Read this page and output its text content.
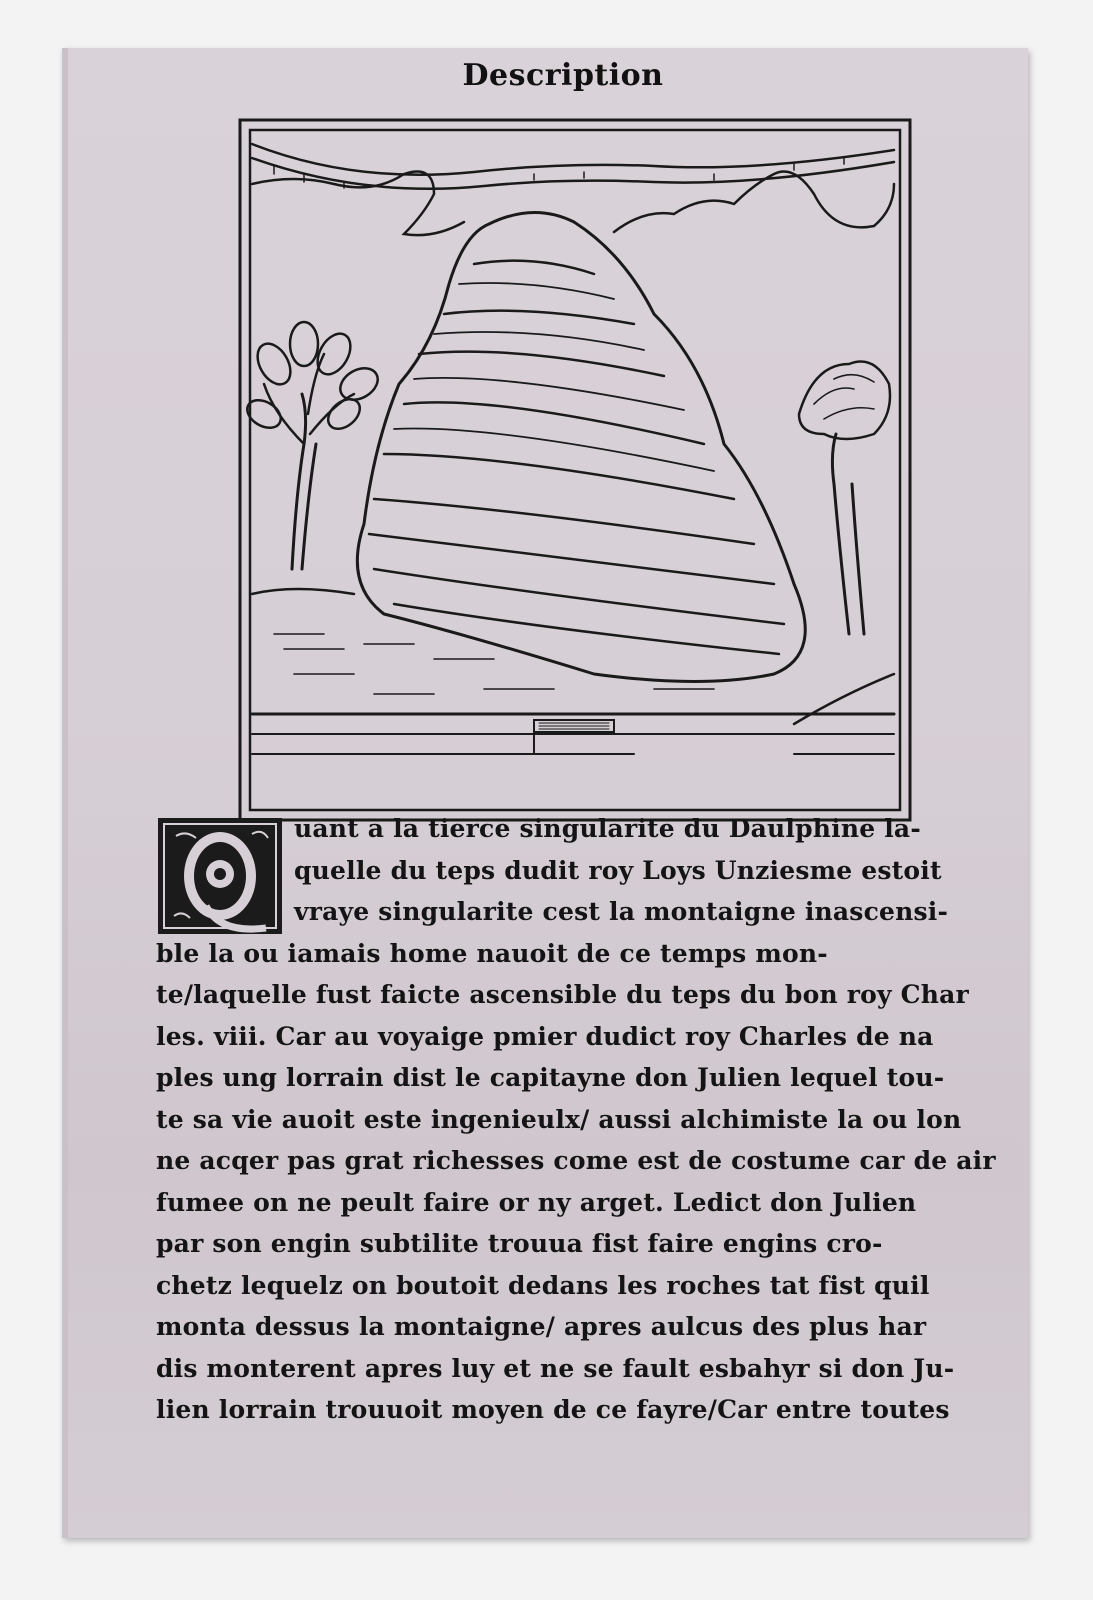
Description
uant a la tierce singularite du Daulphine la-
quelle du teps dudit roy Loys Unziesme estoit
vraye singularite cest la montaigne inascensi-
ble la ou iamais home nauoit de ce temps mon-
te/laquelle fust faicte ascensible du teps du bon roy Char
les. viii. Car au voyaige pmier dudict roy Charles de na
ples ung lorrain dist le capitayne don Julien lequel tou-
te sa vie auoit este ingenieulx/ aussi alchimiste la ou lon
ne acqer pas grat richesses come est de costume car de air
fumee on ne peult faire or ny arget. Ledict don Julien
par son engin subtilite trouua fist faire engins cro-
chetz lequelz on boutoit dedans les roches tat fist quil
monta dessus la montaigne/ apres aulcus des plus har
dis monterent apres luy et ne se fault esbahyr si don Ju-
lien lorrain trouuoit moyen de ce fayre/Car entre toutes
